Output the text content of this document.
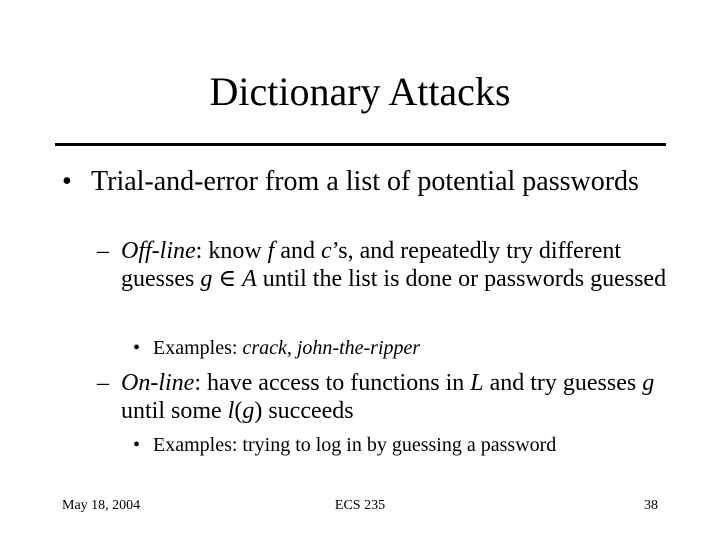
Dictionary Attacks
• Trial-and-error from a list of potential passwords
– Off-line: know f and c’s, and repeatedly try different guesses g ∈ A until the list is done or passwords guessed
• Examples: crack, john-the-ripper
– On-line: have access to functions in L and try guesses g until some l(g) succeeds
• Examples: trying to log in by guessing a password
May 18, 2004	ECS 235	38
